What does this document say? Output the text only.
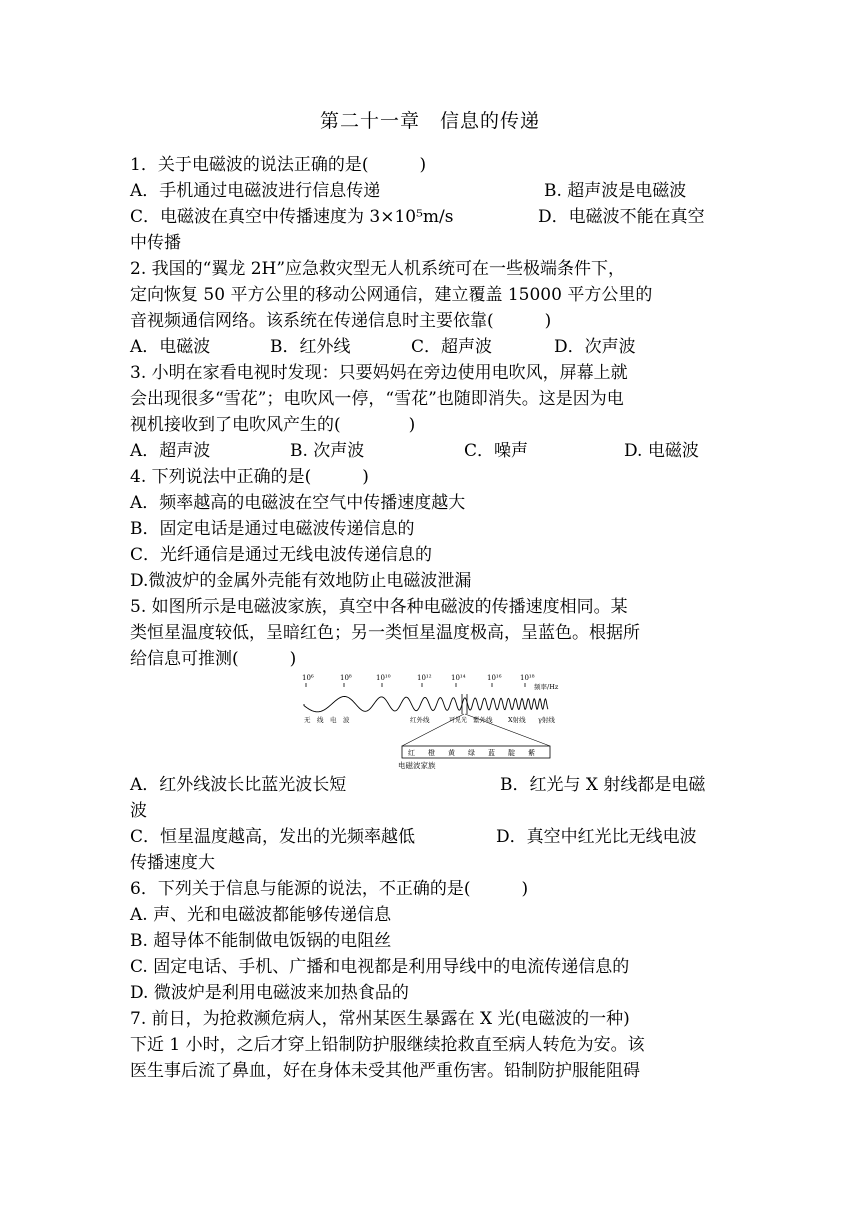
第二十一章　信息的传递
1．关于电磁波的说法正确的是(　　　)
A．手机通过电磁波进行信息传递	B. 超声波是电磁波
C．电磁波在真空中传播速度为 3×10⁵m/s	D．电磁波不能在真空
中传播
2. 我国的“翼龙 2H”应急救灾型无人机系统可在一些极端条件下，
定向恢复 50 平方公里的移动公网通信，建立覆盖 15000 平方公里的
音视频通信网络。该系统在传递信息时主要依靠(　　　)
A．电磁波	B．红外线	C．超声波	D．次声波
3. 小明在家看电视时发现：只要妈妈在旁边使用电吹风，屏幕上就
会出现很多“雪花”；电吹风一停，“雪花”也随即消失。这是因为电
视机接收到了电吹风产生的(　　　　)
A．超声波	B. 次声波	C．噪声	D. 电磁波
4. 下列说法中正确的是(　　　)
A．频率越高的电磁波在空气中传播速度越大
B．固定电话是通过电磁波传递信息的
C．光纤通信是通过无线电波传递信息的
D.微波炉的金属外壳能有效地防止电磁波泄漏
5. 如图所示是电磁波家族，真空中各种电磁波的传播速度相同。某
类恒星温度较低，呈暗红色；另一类恒星温度极高，呈蓝色。根据所
给信息可推测(　　　)
10⁶	10⁸	10¹⁰	10¹²	10¹⁴	10¹⁶	10¹⁸
频率/Hz
无　线　电　波	红外线	可见光 紫外线 X射线 γ射线
红 橙 黄 绿 蓝 靛 紫
电磁波家族
A．红外线波长比蓝光波长短	B．红光与 X 射线都是电磁
波
C．恒星温度越高，发出的光频率越低	D．真空中红光比无线电波
传播速度大
6．下列关于信息与能源的说法，不正确的是(　　　)
A. 声、光和电磁波都能够传递信息
B. 超导体不能制做电饭锅的电阻丝
C. 固定电话、手机、广播和电视都是利用导线中的电流传递信息的
D. 微波炉是利用电磁波来加热食品的
7. 前日，为抢救濒危病人，常州某医生暴露在 X 光(电磁波的一种)
下近 1 小时，之后才穿上铅制防护服继续抢救直至病人转危为安。该
医生事后流了鼻血，好在身体未受其他严重伤害。铅制防护服能阻碍
